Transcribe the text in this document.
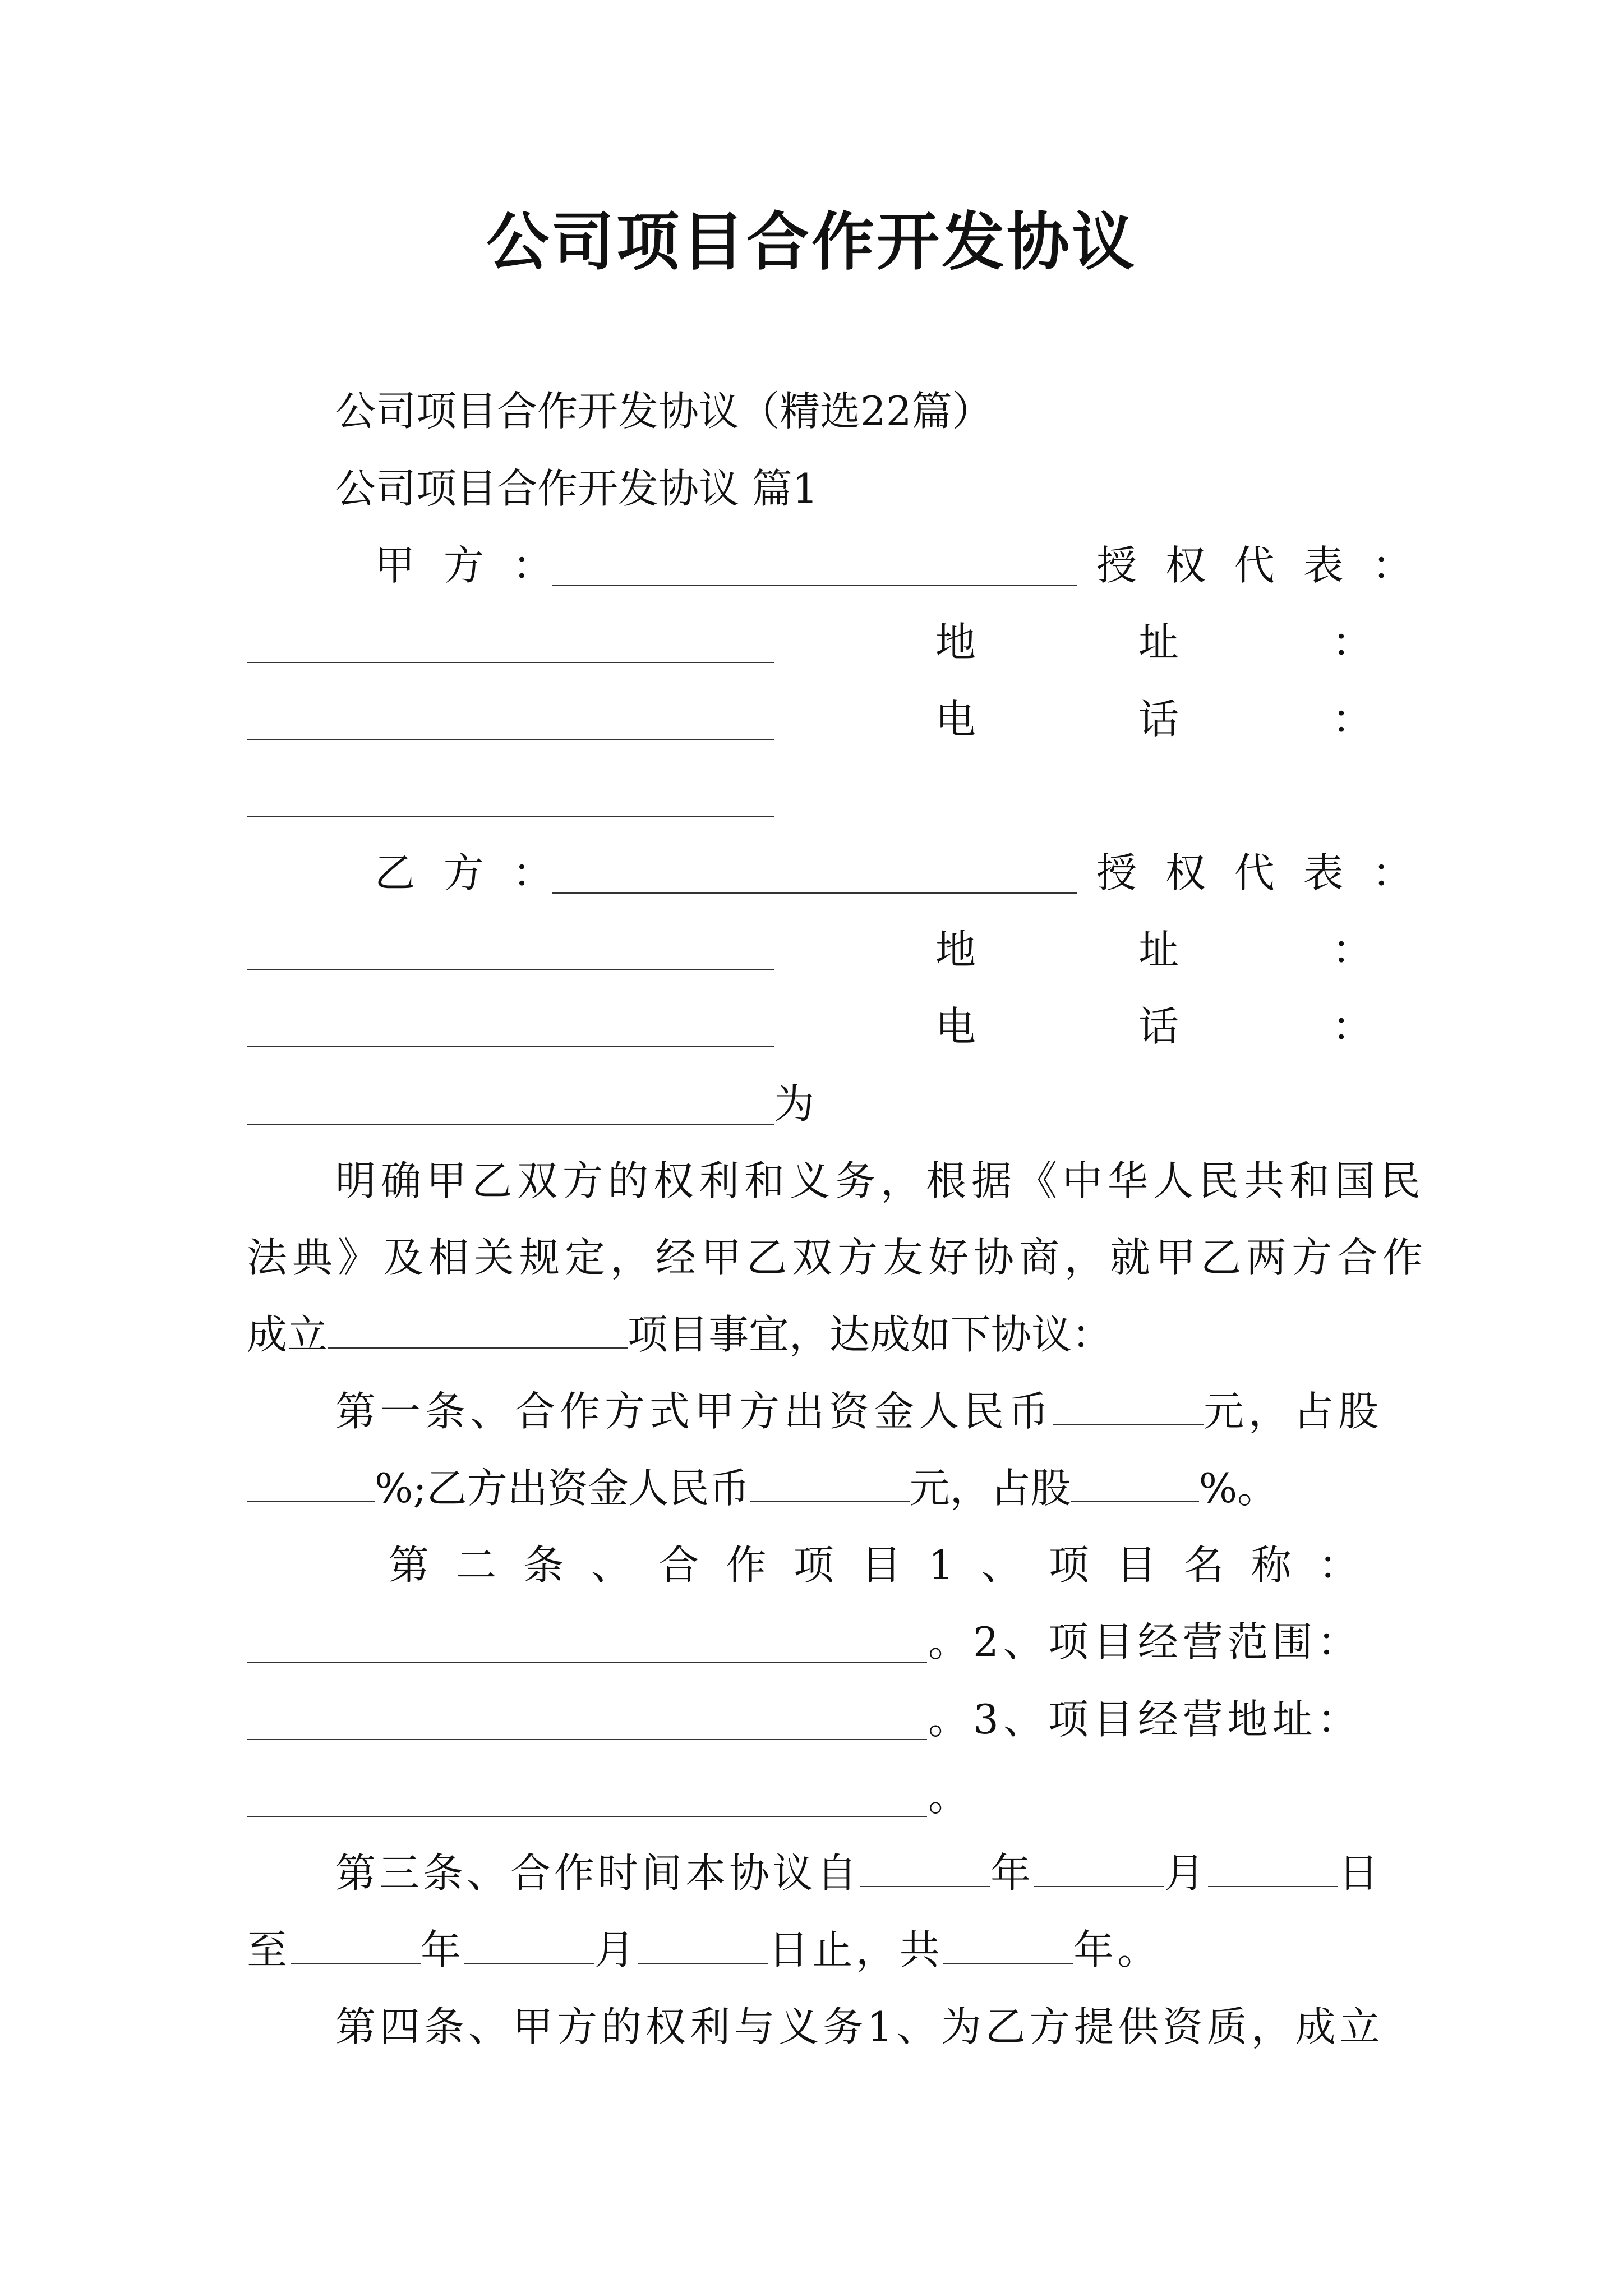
公司项目合作开发协议
公司项目合作开发协议（精选22篇）
公司项目合作开发协议 篇1
甲 方 ：	授 权 代 表 ：
地	址	：
电	话	：
乙 方 ：	授 权 代 表 ：
地	址	：
电	话	：
为
明确甲乙双方的权利和义务，根据《中华人民共和国民
法典》及相关规定，经甲乙双方友好协商，就甲乙两方合作
成立	项目事宜，达成如下协议：
第一条、合作方式甲方出资金人民币	元，占股
%;乙方出资金人民币	元，占股	%。
第 二 条 、 合 作 项 目 1 、 项 目 名 称 ：
。2、项目经营范围：
。3、项目经营地址：
。
第三条、合作时间本协议自	年	月	日
至	年	月	日止，共	年。
第四条、甲方的权利与义务1、为乙方提供资质，成立
